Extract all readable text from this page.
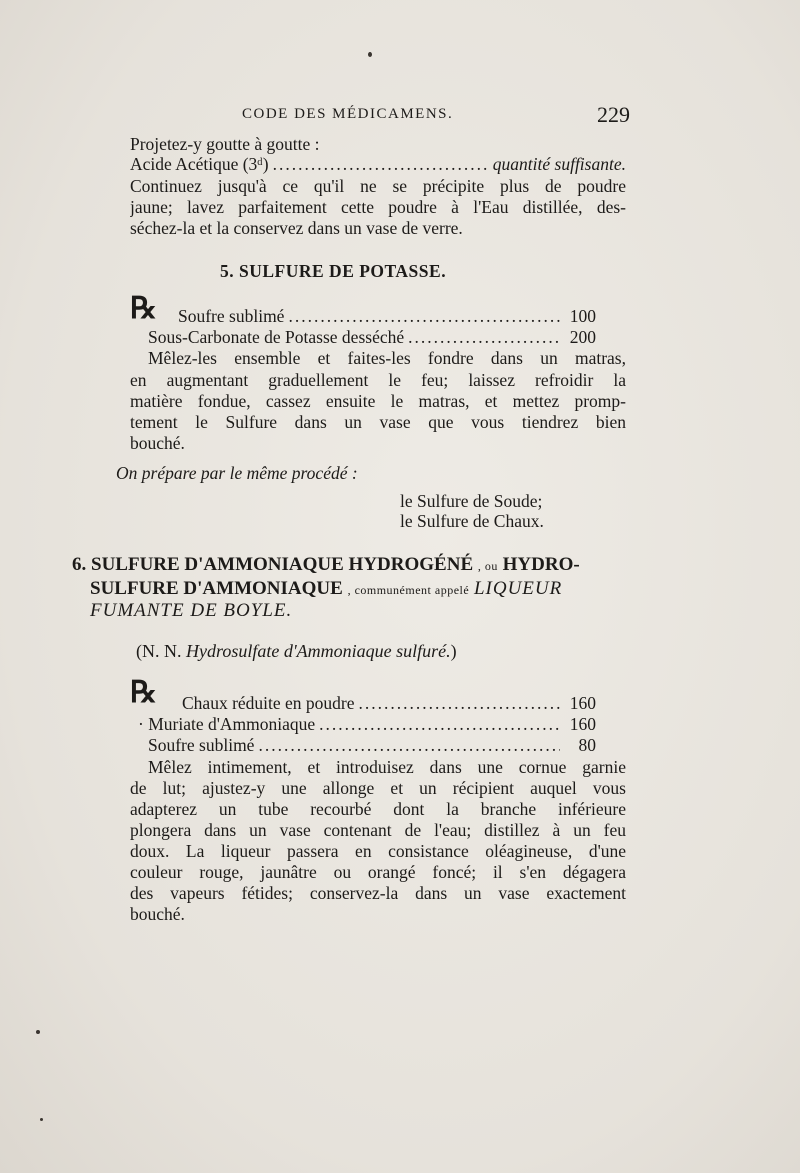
CODE DES MÉDICAMENS.	229
Projetez-y goutte à goutte :
Acide Acétique (3ᵈ) .....	quantité suffisante.
Continuez jusqu'à ce qu'il ne se précipite plus de poudre
jaune; lavez parfaitement cette poudre à l'Eau distillée, des-
séchez-la et la conservez dans un vase de verre.
5. SULFURE DE POTASSE.
℞ Soufre sublimé .....	100
Sous-Carbonate de Potasse desséché .....	200
Mêlez-les ensemble et faites-les fondre dans un matras,
en augmentant graduellement le feu; laissez refroidir la
matière fondue, cassez ensuite le matras, et mettez promp-
tement le Sulfure dans un vase que vous tiendrez bien
bouché.
On prépare par le même procédé :
le Sulfure de Soude;
le Sulfure de Chaux.
6. SULFURE D'AMMONIAQUE HYDROGÉNÉ , ou HYDRO-
SULFURE D'AMMONIAQUE , communément appelé LIQUEUR
FUMANTE DE BOYLE.
(N. N. Hydrosulfate d'Ammoniaque sulfuré.)
℞ Chaux réduite en poudre .....	160
· Muriate d'Ammoniaque .....	160
Soufre sublimé .....	80
Mêlez intimement, et introduisez dans une cornue garnie
de lut; ajustez-y une allonge et un récipient auquel vous
adapterez un tube recourbé dont la branche inférieure
plongera dans un vase contenant de l'eau; distillez à un feu
doux. La liqueur passera en consistance oléagineuse, d'une
couleur rouge, jaunâtre ou orangé foncé; il s'en dégagera
des vapeurs fétides; conservez-la dans un vase exactement
bouché.
